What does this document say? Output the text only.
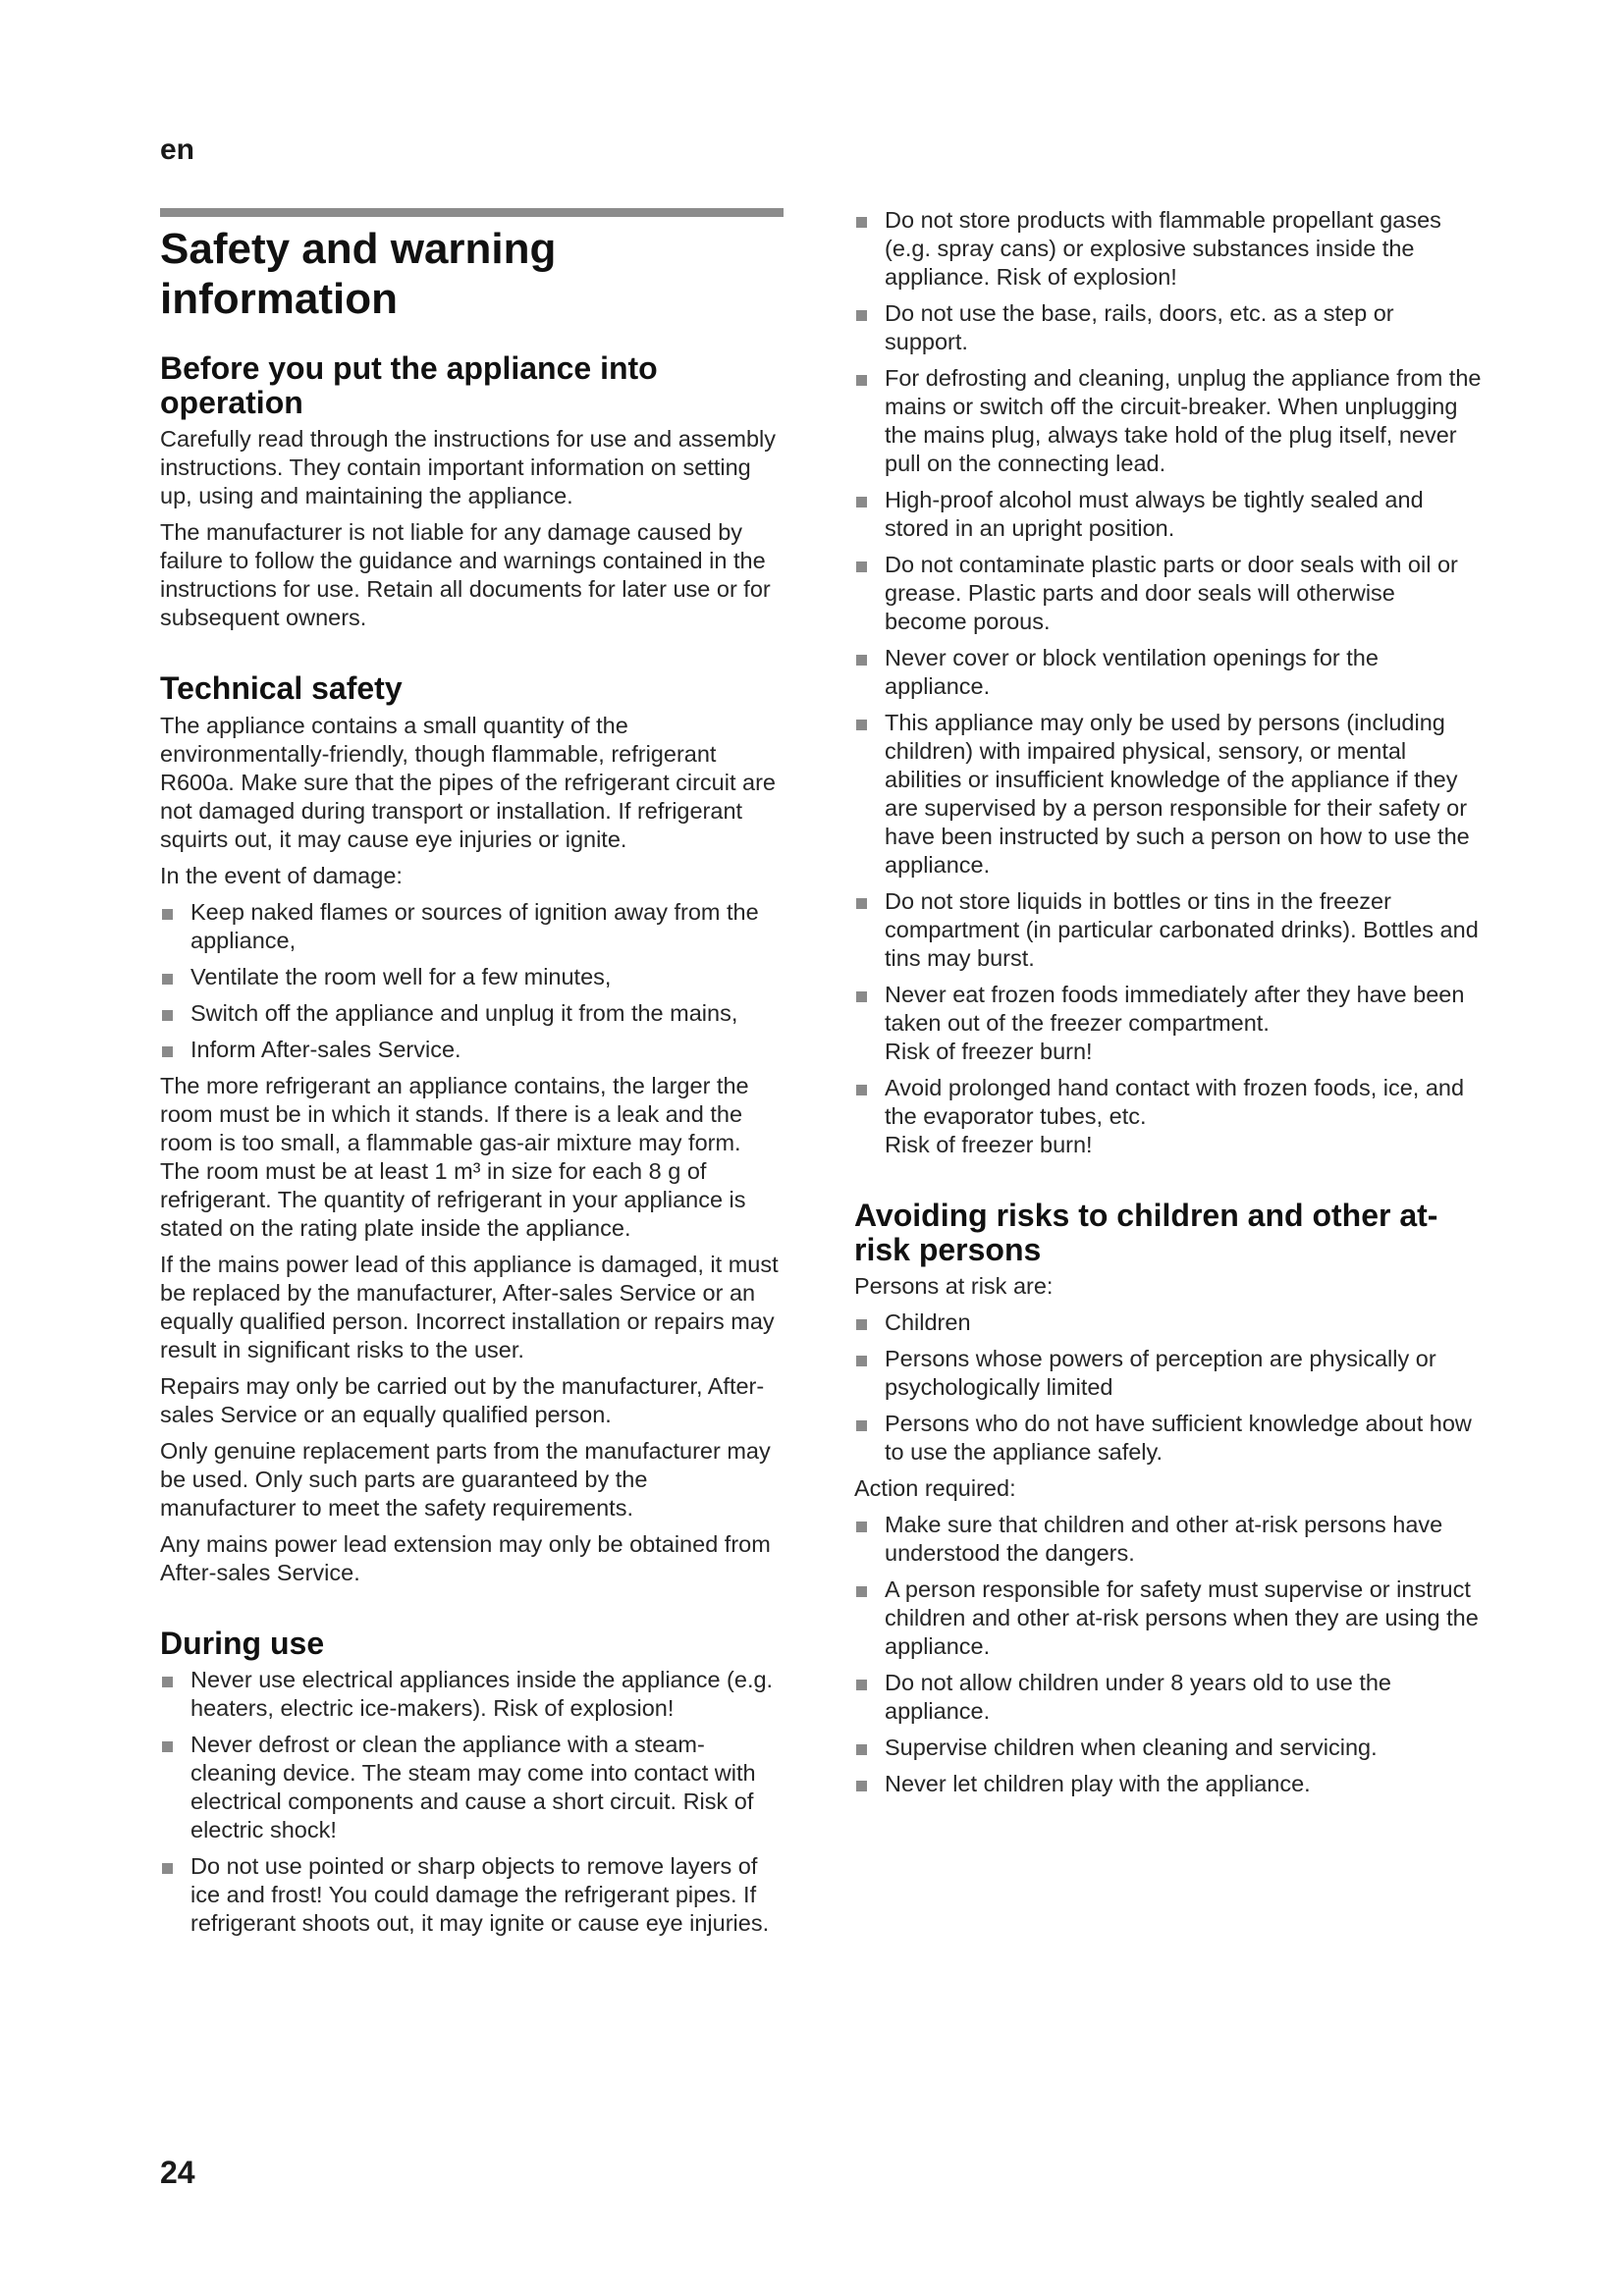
en
Safety and warning information
Before you put the appliance into operation

Carefully read through the instructions for use and assembly instructions. They contain important information on setting up, using and maintaining the appliance.

The manufacturer is not liable for any damage caused by failure to follow the guidance and warnings contained in the instructions for use. Retain all documents for later use or for subsequent owners.

Technical safety

The appliance contains a small quantity of the environmentally-friendly, though flammable, refrigerant R600a. Make sure that the pipes of the refrigerant circuit are not damaged during transport or installation. If refrigerant squirts out, it may cause eye injuries or ignite.

In the event of damage:

Keep naked flames or sources of ignition away from the appliance,
Ventilate the room well for a few minutes,
Switch off the appliance and unplug it from the mains,
Inform After-sales Service.

The more refrigerant an appliance contains, the larger the room must be in which it stands. If there is a leak and the room is too small, a flammable gas-air mixture may form.

The room must be at least 1 m³ in size for each 8 g of refrigerant. The quantity of refrigerant in your appliance is stated on the rating plate inside the appliance.

If the mains power lead of this appliance is damaged, it must be replaced by the manufacturer, After-sales Service or an equally qualified person. Incorrect installation or repairs may result in significant risks to the user.

Repairs may only be carried out by the manufacturer, After-sales Service or an equally qualified person.

Only genuine replacement parts from the manufacturer may be used. Only such parts are guaranteed by the manufacturer to meet the safety requirements.

Any mains power lead extension may only be obtained from After-sales Service.

During use
Never use electrical appliances inside the appliance (e.g. heaters, electric ice-makers). Risk of explosion!
Never defrost or clean the appliance with a steam-cleaning device. The steam may come into contact with electrical components and cause a short circuit. Risk of electric shock!
Do not use pointed or sharp objects to remove layers of ice and frost! You could damage the refrigerant pipes. If refrigerant shoots out, it may ignite or cause eye injuries.
Do not store products with flammable propellant gases (e.g. spray cans) or explosive substances inside the appliance. Risk of explosion!
Do not use the base, rails, doors, etc. as a step or support.
For defrosting and cleaning, unplug the appliance from the mains or switch off the circuit-breaker. When unplugging the mains plug, always take hold of the plug itself, never pull on the connecting lead.
High-proof alcohol must always be tightly sealed and stored in an upright position.
Do not contaminate plastic parts or door seals with oil or grease. Plastic parts and door seals will otherwise become porous.
Never cover or block ventilation openings for the appliance.
This appliance may only be used by persons (including children) with impaired physical, sensory, or mental abilities or insufficient knowledge of the appliance if they are supervised by a person responsible for their safety or have been instructed by such a person on how to use the appliance.
Do not store liquids in bottles or tins in the freezer compartment (in particular carbonated drinks). Bottles and tins may burst.
Never eat frozen foods immediately after they have been taken out of the freezer compartment.
Risk of freezer burn!
Avoid prolonged hand contact with frozen foods, ice, and the evaporator tubes, etc.
Risk of freezer burn!
Avoiding risks to children and other at-risk persons

Persons at risk are:

Children
Persons whose powers of perception are physically or psychologically limited
Persons who do not have sufficient knowledge about how to use the appliance safely.

Action required:

Make sure that children and other at-risk persons have understood the dangers.
A person responsible for safety must supervise or instruct children and other at-risk persons when they are using the appliance.
Do not allow children under 8 years old to use the appliance.
Supervise children when cleaning and servicing.
Never let children play with the appliance.
24
